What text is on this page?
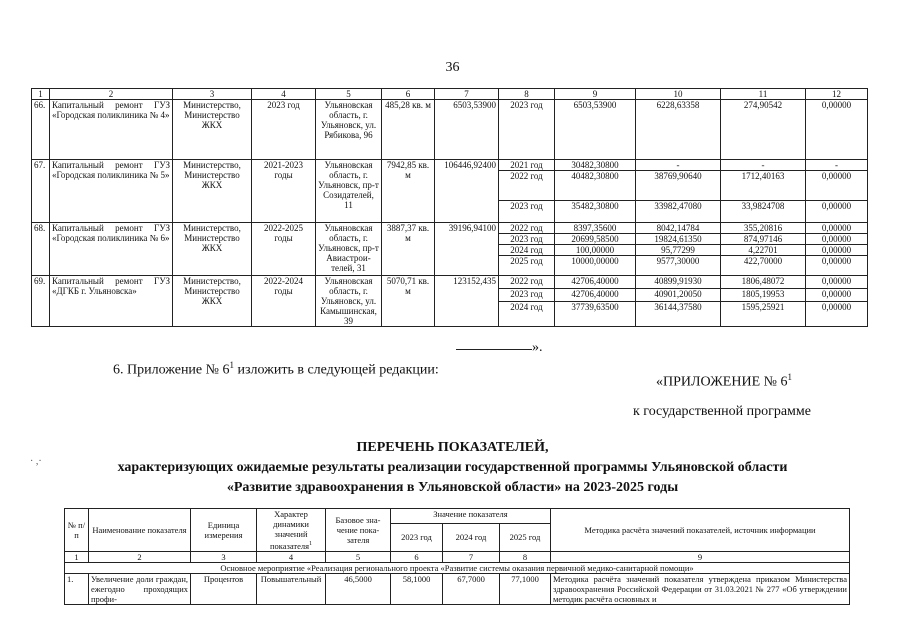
36
1	2	3	4	5	6	7	8	9	10	11	12
66.	Капитальный ремонт ГУЗ «Городская поликлиника № 4»	Министерство, Министерство ЖКХ	2023 год	Ульяновская область, г. Ульяновск, ул. Рябикова, 96	485,28 кв. м	6503,53900	2023 год	6503,53900	6228,63358	274,90542	0,00000
67.	Капитальный ремонт ГУЗ «Городская поликлиника № 5»	Министерство, Министерство ЖКХ	2021-2023 годы	Ульяновская область, г. Ульяновск, пр-т Созидателей, 11	7942,85 кв. м	106446,92400	2021 год	30482,30800	-	-	-
							2022 год	40482,30800	38769,90640	1712,40163	0,00000
							2023 год	35482,30800	33982,47080	33,9824708	0,00000
68.	Капитальный ремонт ГУЗ «Городская поликлиника № 6»	Министерство, Министерство ЖКХ	2022-2025 годы	Ульяновская область, г. Ульяновск, пр-т Авиастроителей, 31	3887,37 кв. м	39196,94100	2022 год	8397,35600	8042,14784	355,20816	0,00000
							2023 год	20699,58500	19824,61350	874,97146	0,00000
							2024 год	100,00000	95,77299	4,22701	0,00000
							2025 год	10000,00000	9577,30000	422,70000	0,00000
69.	Капитальный ремонт ГУЗ «ДГКБ г. Ульяновска»	Министерство, Министерство ЖКХ	2022-2024 годы	Ульяновская область, г. Ульяновск, ул. Камышинская, 39	5070,71 кв. м	123152,435	2022 год	42706,40000	40899,91930	1806,48072	0,00000
							2023 год	42706,40000	40901,20050	1805,19953	0,00000
							2024 год	37739,63500	36144,37580	1595,25921	0,00000
».
6. Приложение № $6^1$ изложить в следующей редакции:
«ПРИЛОЖЕНИЕ № $6^1$
к государственной программе
· ,·
ПЕРЕЧЕНЬ ПОКАЗАТЕЛЕЙ,
характеризующих ожидаемые результаты реализации государственной программы Ульяновской области
«Развитие здравоохранения в Ульяновской области» на 2023-2025 годы
№ п/п	Наименование показателя	Единица измерения	Характер динамики значений показателя$^1$	Базовое значение показателя	Значение показателя			Методика расчёта значений показателей, источник информации
					2023 год	2024 год	2025 год	
1	2	3	4	5	6	7	8	9
Основное мероприятие «Реализация регионального проекта «Развитие системы оказания первичной медико-санитарной помощи»								
1.	Увеличение доли граждан, ежегодно проходящих профи-	Процентов	Повышательный	46,5000	58,1000	67,7000	77,1000	Методика расчёта значений показателя утверждена приказом Министерства здравоохранения Российской Федерации от 31.03.2021 № 277 «Об утверждении методик расчёта основных и
